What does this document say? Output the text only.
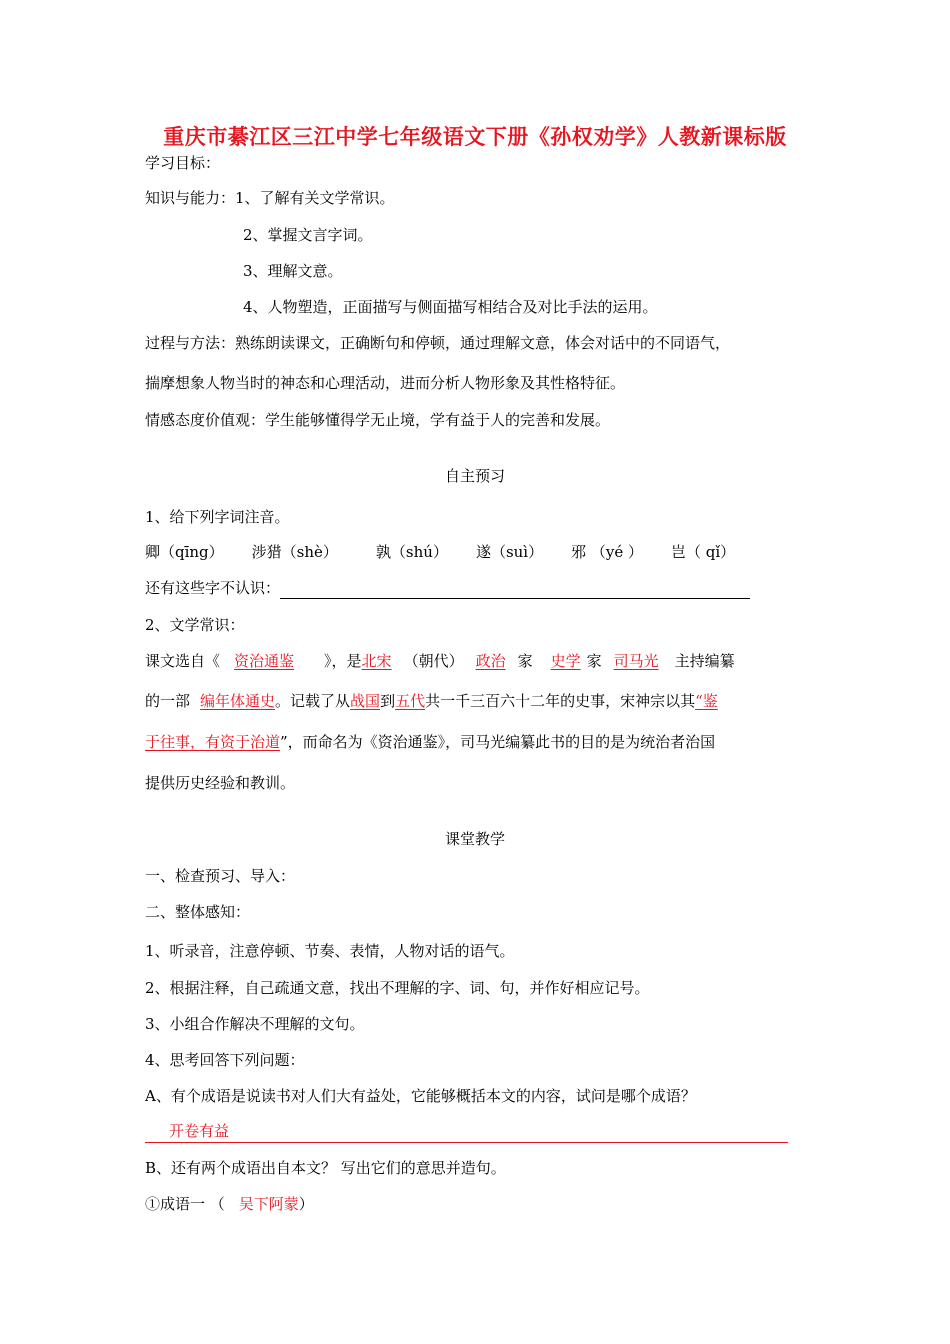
重庆市綦江区三江中学七年级语文下册《孙权劝学》人教新课标版
学习目标：
知识与能力：1、了解有关文学常识。
2、掌握文言字词。
3、理解文意。
4、人物塑造，正面描写与侧面描写相结合及对比手法的运用。
过程与方法：熟练朗读课文，正确断句和停顿，通过理解文意，体会对话中的不同语气，
揣摩想象人物当时的神态和心理活动，进而分析人物形象及其性格特征。
情感态度价值观：学生能够懂得学无止境，学有益于人的完善和发展。
自主预习
1、给下列字词注音。
卿（qīng） 涉猎（shè）	孰（shú） 遂（suì） 邪 （yé ） 岂（ qǐ）
还有这些字不认识：
2、文学常识：
课文选自《 资治通鉴 》，是北宋 （朝代） 政治 家 史学 家 司马光 主持编纂
的一部 编年体通史。记载了从战国到五代共一千三百六十二年的史事，宋神宗以其“鉴
于往事，有资于治道”，而命名为《资治通鉴》，司马光编纂此书的目的是为统治者治国
提供历史经验和教训。
课堂教学
一、检查预习、导入：
二、整体感知：
1、听录音，注意停顿、节奏、表情，人物对话的语气。
2、根据注释，自己疏通文意，找出不理解的字、词、句，并作好相应记号。
3、小组合作解决不理解的文句。
4、思考回答下列问题：
A、有个成语是说读书对人们大有益处，它能够概括本文的内容，试问是哪个成语？
开卷有益
B、还有两个成语出自本文？ 写出它们的意思并造句。
①成语一 （ 吴下阿蒙）
